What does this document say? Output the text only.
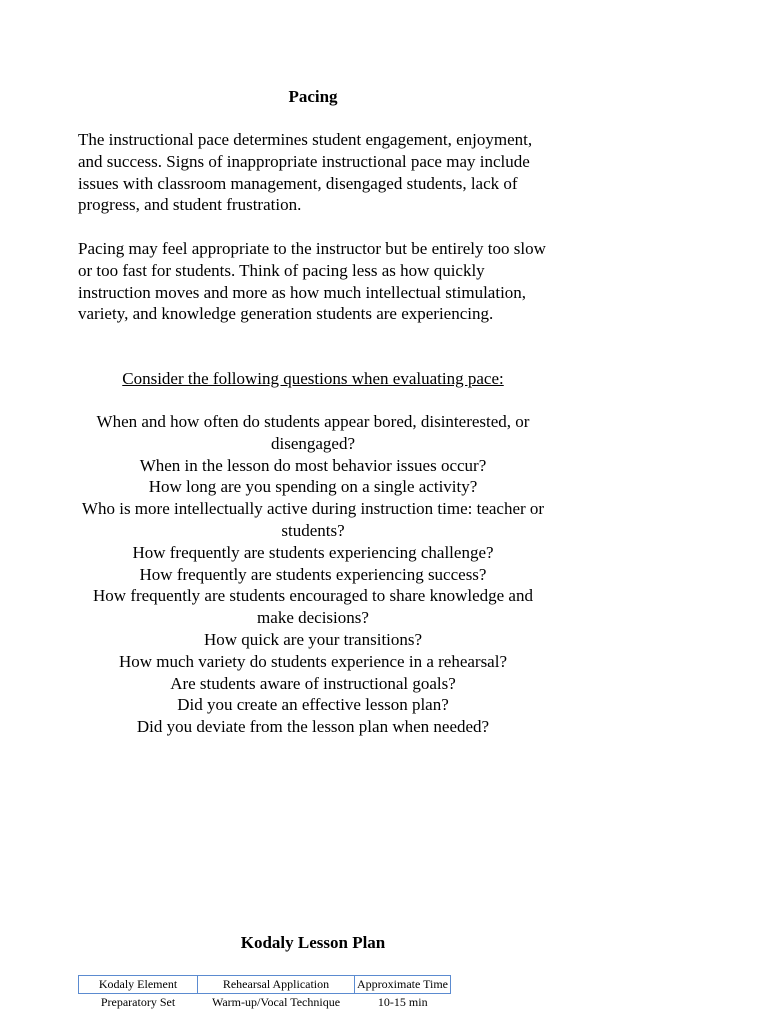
Pacing

The instructional pace determines student engagement, enjoyment, and success. Signs of inappropriate instructional pace may include issues with classroom management, disengaged students, lack of progress, and student frustration.

Pacing may feel appropriate to the instructor but be entirely too slow or too fast for students. Think of pacing less as how quickly instruction moves and more as how much intellectual stimulation, variety, and knowledge generation students are experiencing.

Consider the following questions when evaluating pace:

When and how often do students appear bored, disinterested, or disengaged?
When in the lesson do most behavior issues occur?
How long are you spending on a single activity?
Who is more intellectually active during instruction time: teacher or students?
How frequently are students experiencing challenge?
How frequently are students experiencing success?
How frequently are students encouraged to share knowledge and make decisions?
How quick are your transitions?
How much variety do students experience in a rehearsal?
Are students aware of instructional goals?
Did you create an effective lesson plan?
Did you deviate from the lesson plan when needed?
Kodaly Lesson Plan
Kodaly Element	Rehearsal Application	Approximate Time
Preparatory Set	Warm-up/Vocal Technique	10-15 min
